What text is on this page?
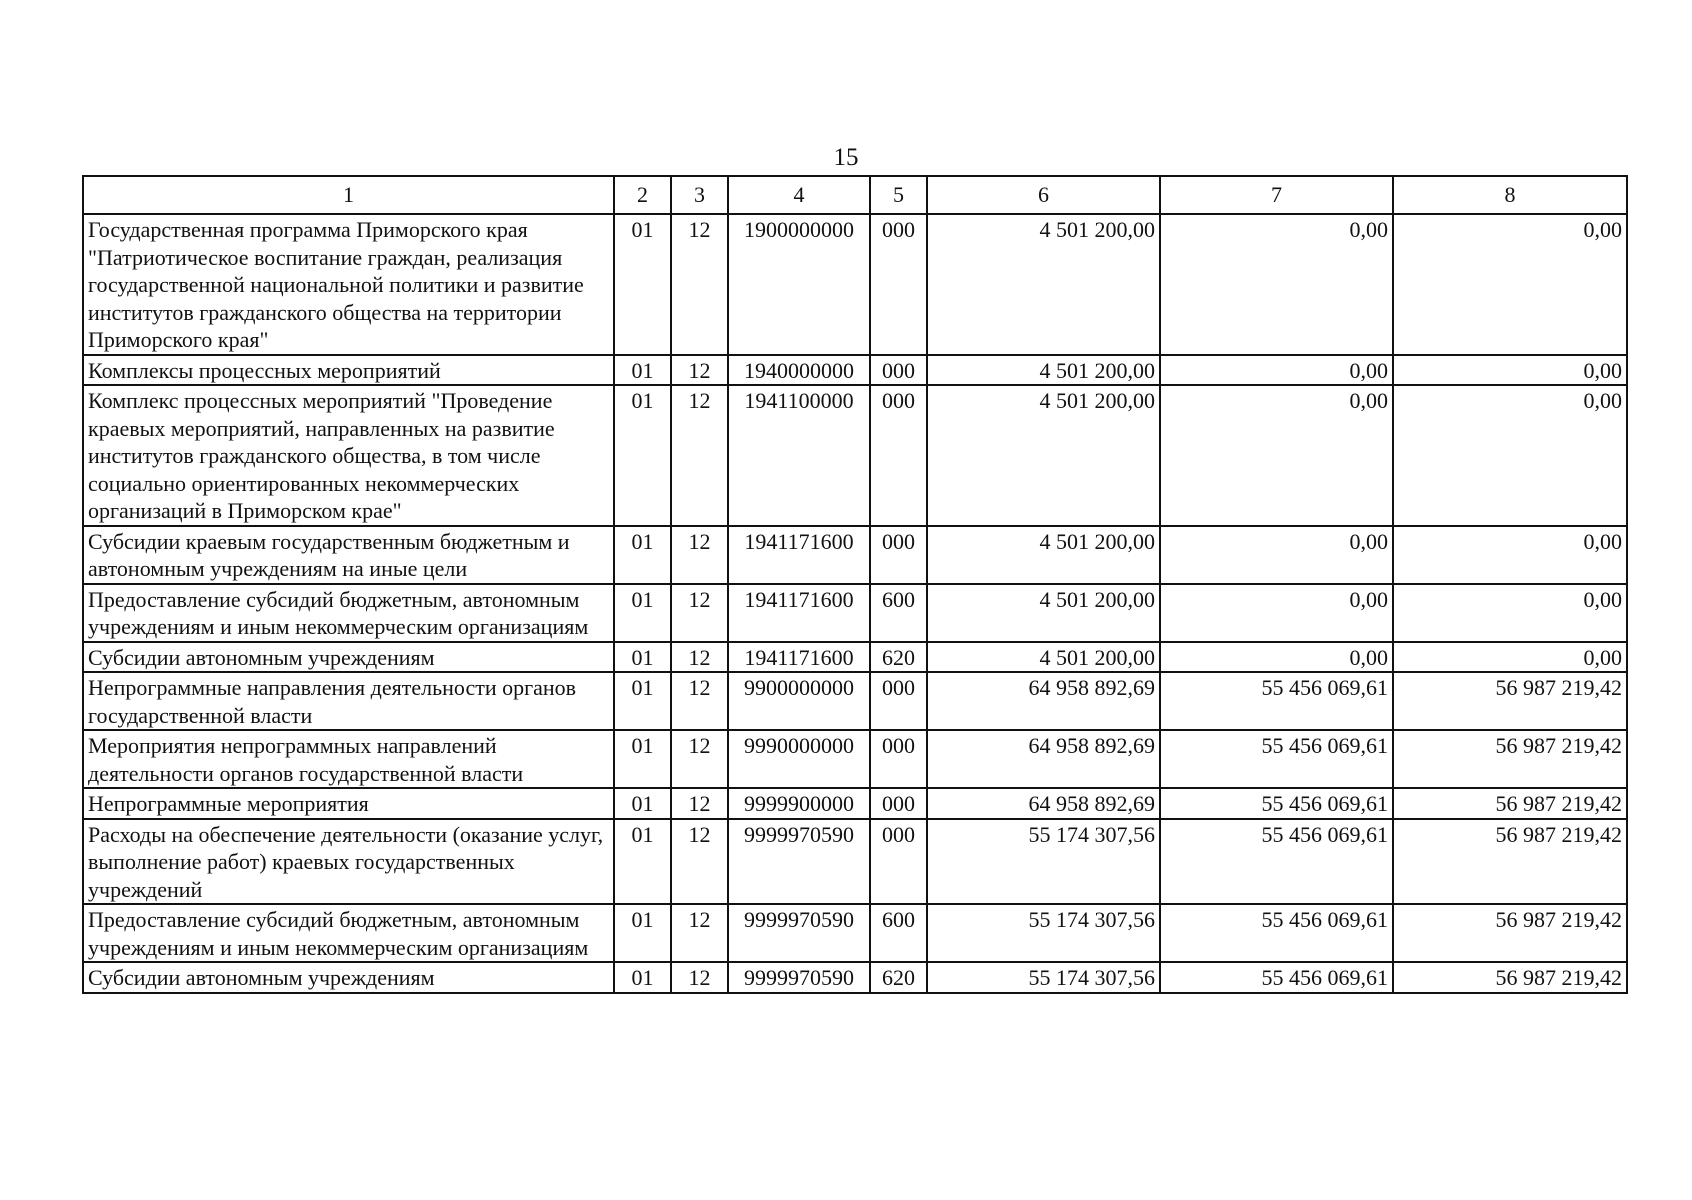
15
1	2	3	4	5	6	7	8
Государственная программа Приморского края "Патриотическое воспитание граждан, реализация государственной национальной политики и развитие институтов гражданского общества на территории Приморского края"	01	12	1900000000	000	4 501 200,00	0,00	0,00
Комплексы процессных мероприятий	01	12	1940000000	000	4 501 200,00	0,00	0,00
Комплекс процессных мероприятий "Проведение краевых мероприятий, направленных на развитие институтов гражданского общества, в том числе социально ориентированных некоммерческих организаций в Приморском крае"	01	12	1941100000	000	4 501 200,00	0,00	0,00
Субсидии краевым государственным бюджетным и автономным учреждениям на иные цели	01	12	1941171600	000	4 501 200,00	0,00	0,00
Предоставление субсидий бюджетным, автономным учреждениям и иным некоммерческим организациям	01	12	1941171600	600	4 501 200,00	0,00	0,00
Субсидии автономным учреждениям	01	12	1941171600	620	4 501 200,00	0,00	0,00
Непрограммные направления деятельности органов государственной власти	01	12	9900000000	000	64 958 892,69	55 456 069,61	56 987 219,42
Мероприятия непрограммных направлений деятельности органов государственной власти	01	12	9990000000	000	64 958 892,69	55 456 069,61	56 987 219,42
Непрограммные мероприятия	01	12	9999900000	000	64 958 892,69	55 456 069,61	56 987 219,42
Расходы на обеспечение деятельности (оказание услуг, выполнение работ) краевых государственных учреждений	01	12	9999970590	000	55 174 307,56	55 456 069,61	56 987 219,42
Предоставление субсидий бюджетным, автономным учреждениям и иным некоммерческим организациям	01	12	9999970590	600	55 174 307,56	55 456 069,61	56 987 219,42
Субсидии автономным учреждениям	01	12	9999970590	620	55 174 307,56	55 456 069,61	56 987 219,42
